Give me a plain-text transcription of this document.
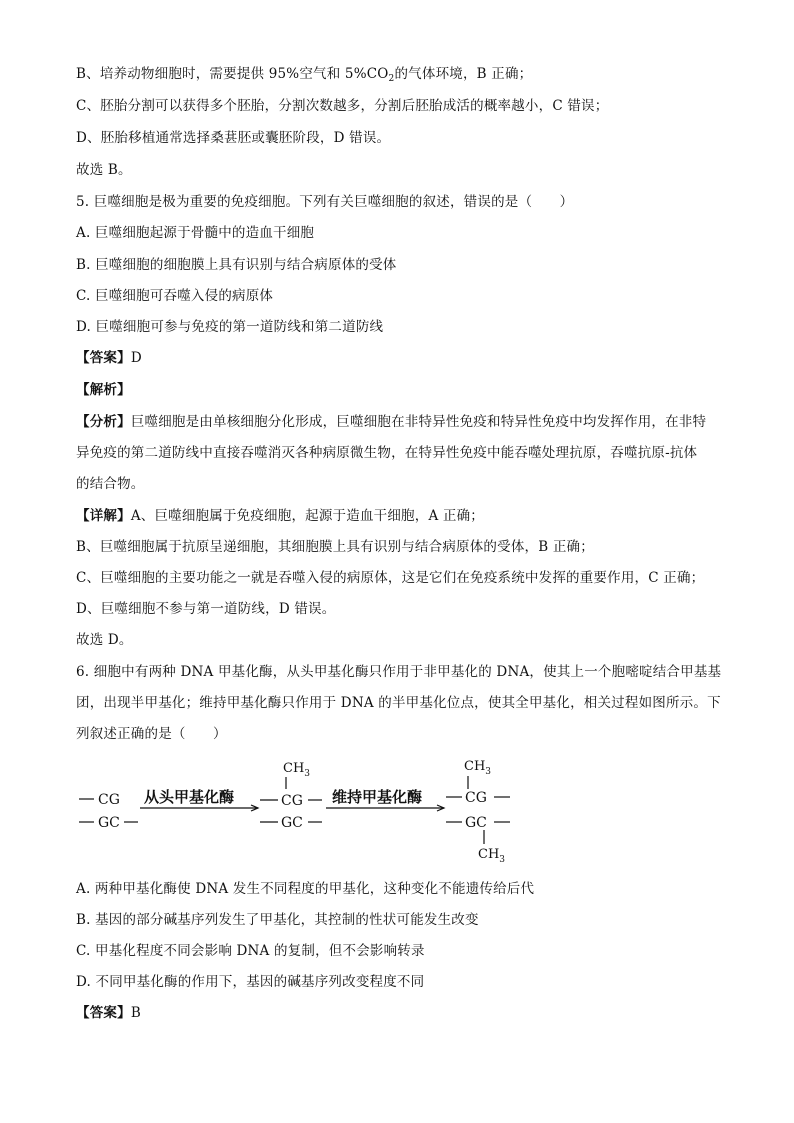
B、培养动物细胞时，需要提供 95%空气和 $5\%CO_2$的气体环境，B 正确；
C、胚胎分割可以获得多个胚胎，分割次数越多，分割后胚胎成活的概率越小，C 错误；
D、胚胎移植通常选择桑葚胚或囊胚阶段，D 错误。
故选 B。
5. 巨噬细胞是极为重要的免疫细胞。下列有关巨噬细胞的叙述，错误的是（　　）
A. 巨噬细胞起源于骨髓中的造血干细胞
B. 巨噬细胞的细胞膜上具有识别与结合病原体的受体
C. 巨噬细胞可吞噬入侵的病原体
D. 巨噬细胞可参与免疫的第一道防线和第二道防线
【答案】D
【解析】
【分析】巨噬细胞是由单核细胞分化形成，巨噬细胞在非特异性免疫和特异性免疫中均发挥作用，在非特
异免疫的第二道防线中直接吞噬消灭各种病原微生物，在特异性免疫中能吞噬处理抗原，吞噬抗原-抗体
的结合物。
【详解】A、巨噬细胞属于免疫细胞，起源于造血干细胞，A 正确；
B、巨噬细胞属于抗原呈递细胞，其细胞膜上具有识别与结合病原体的受体，B 正确；
C、巨噬细胞的主要功能之一就是吞噬入侵的病原体，这是它们在免疫系统中发挥的重要作用，C 正确；
D、巨噬细胞不参与第一道防线，D 错误。
故选 D。
6. 细胞中有两种 DNA 甲基化酶，从头甲基化酶只作用于非甲基化的 DNA，使其上一个胞嘧啶结合甲基基
团，出现半甲基化；维持甲基化酶只作用于 DNA 的半甲基化位点，使其全甲基化，相关过程如图所示。下
列叙述正确的是（　　）
CG
GC
从头甲基化酶
$CH_3$
CG
GC
维持甲基化酶
$CH_3$
CG
GC
$CH_3$
A. 两种甲基化酶使 DNA 发生不同程度的甲基化，这种变化不能遗传给后代
B. 基因的部分碱基序列发生了甲基化，其控制的性状可能发生改变
C. 甲基化程度不同会影响 DNA 的复制，但不会影响转录
D. 不同甲基化酶的作用下，基因的碱基序列改变程度不同
【答案】B
